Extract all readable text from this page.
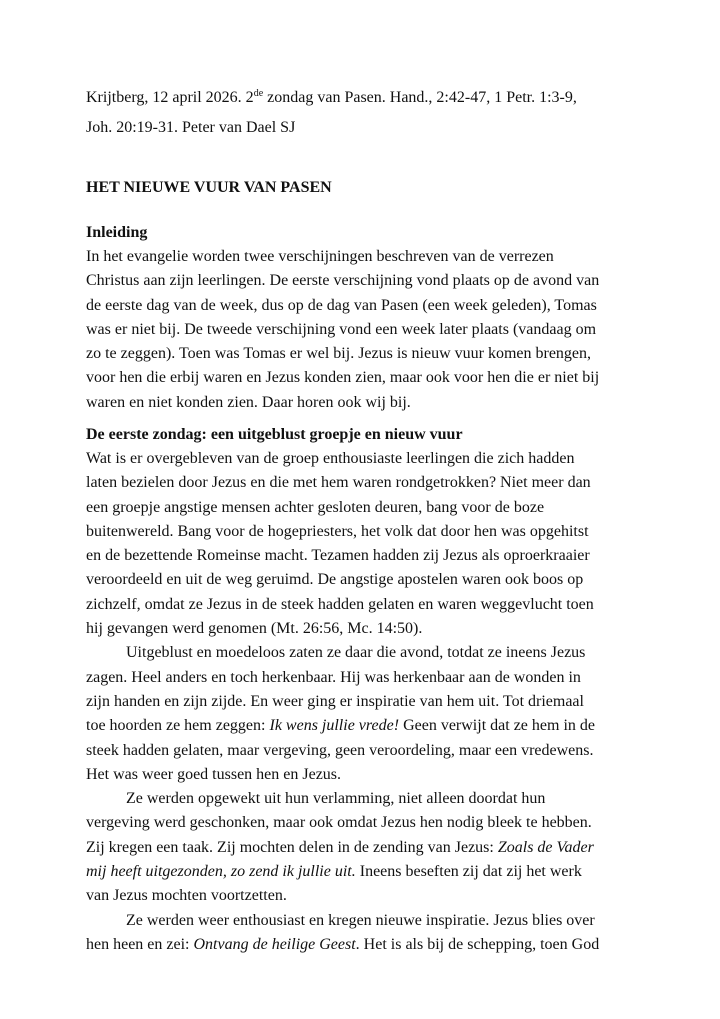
Krijtberg, 12 april 2026. 2de zondag van Pasen. Hand., 2:42-47, 1 Petr. 1:3-9,
Joh. 20:19-31. Peter van Dael SJ
HET NIEUWE VUUR VAN PASEN
Inleiding

In het evangelie worden twee verschijningen beschreven van de verrezen
Christus aan zijn leerlingen. De eerste verschijning vond plaats op de avond van
de eerste dag van de week, dus op de dag van Pasen (een week geleden), Tomas
was er niet bij. De tweede verschijning vond een week later plaats (vandaag om
zo te zeggen). Toen was Tomas er wel bij. Jezus is nieuw vuur komen brengen,
voor hen die erbij waren en Jezus konden zien, maar ook voor hen die er niet bij
waren en niet konden zien. Daar horen ook wij bij.

De eerste zondag: een uitgeblust groepje en nieuw vuur

Wat is er overgebleven van de groep enthousiaste leerlingen die zich hadden
laten bezielen door Jezus en die met hem waren rondgetrokken? Niet meer dan
een groepje angstige mensen achter gesloten deuren, bang voor de boze
buitenwereld. Bang voor de hogepriesters, het volk dat door hen was opgehitst
en de bezettende Romeinse macht. Tezamen hadden zij Jezus als oproerkraaier
veroordeeld en uit de weg geruimd. De angstige apostelen waren ook boos op
zichzelf, omdat ze Jezus in de steek hadden gelaten en waren weggevlucht toen
hij gevangen werd genomen (Mt. 26:56, Mc. 14:50).

Uitgeblust en moedeloos zaten ze daar die avond, totdat ze ineens Jezus
zagen. Heel anders en toch herkenbaar. Hij was herkenbaar aan de wonden in
zijn handen en zijn zijde. En weer ging er inspiratie van hem uit. Tot driemaal
toe hoorden ze hem zeggen: Ik wens jullie vrede! Geen verwijt dat ze hem in de
steek hadden gelaten, maar vergeving, geen veroordeling, maar een vredewens.
Het was weer goed tussen hen en Jezus.

Ze werden opgewekt uit hun verlamming, niet alleen doordat hun
vergeving werd geschonken, maar ook omdat Jezus hen nodig bleek te hebben.
Zij kregen een taak. Zij mochten delen in de zending van Jezus: Zoals de Vader
mij heeft uitgezonden, zo zend ik jullie uit. Ineens beseften zij dat zij het werk
van Jezus mochten voortzetten.

Ze werden weer enthousiast en kregen nieuwe inspiratie. Jezus blies over
hen heen en zei: Ontvang de heilige Geest. Het is als bij de schepping, toen God
